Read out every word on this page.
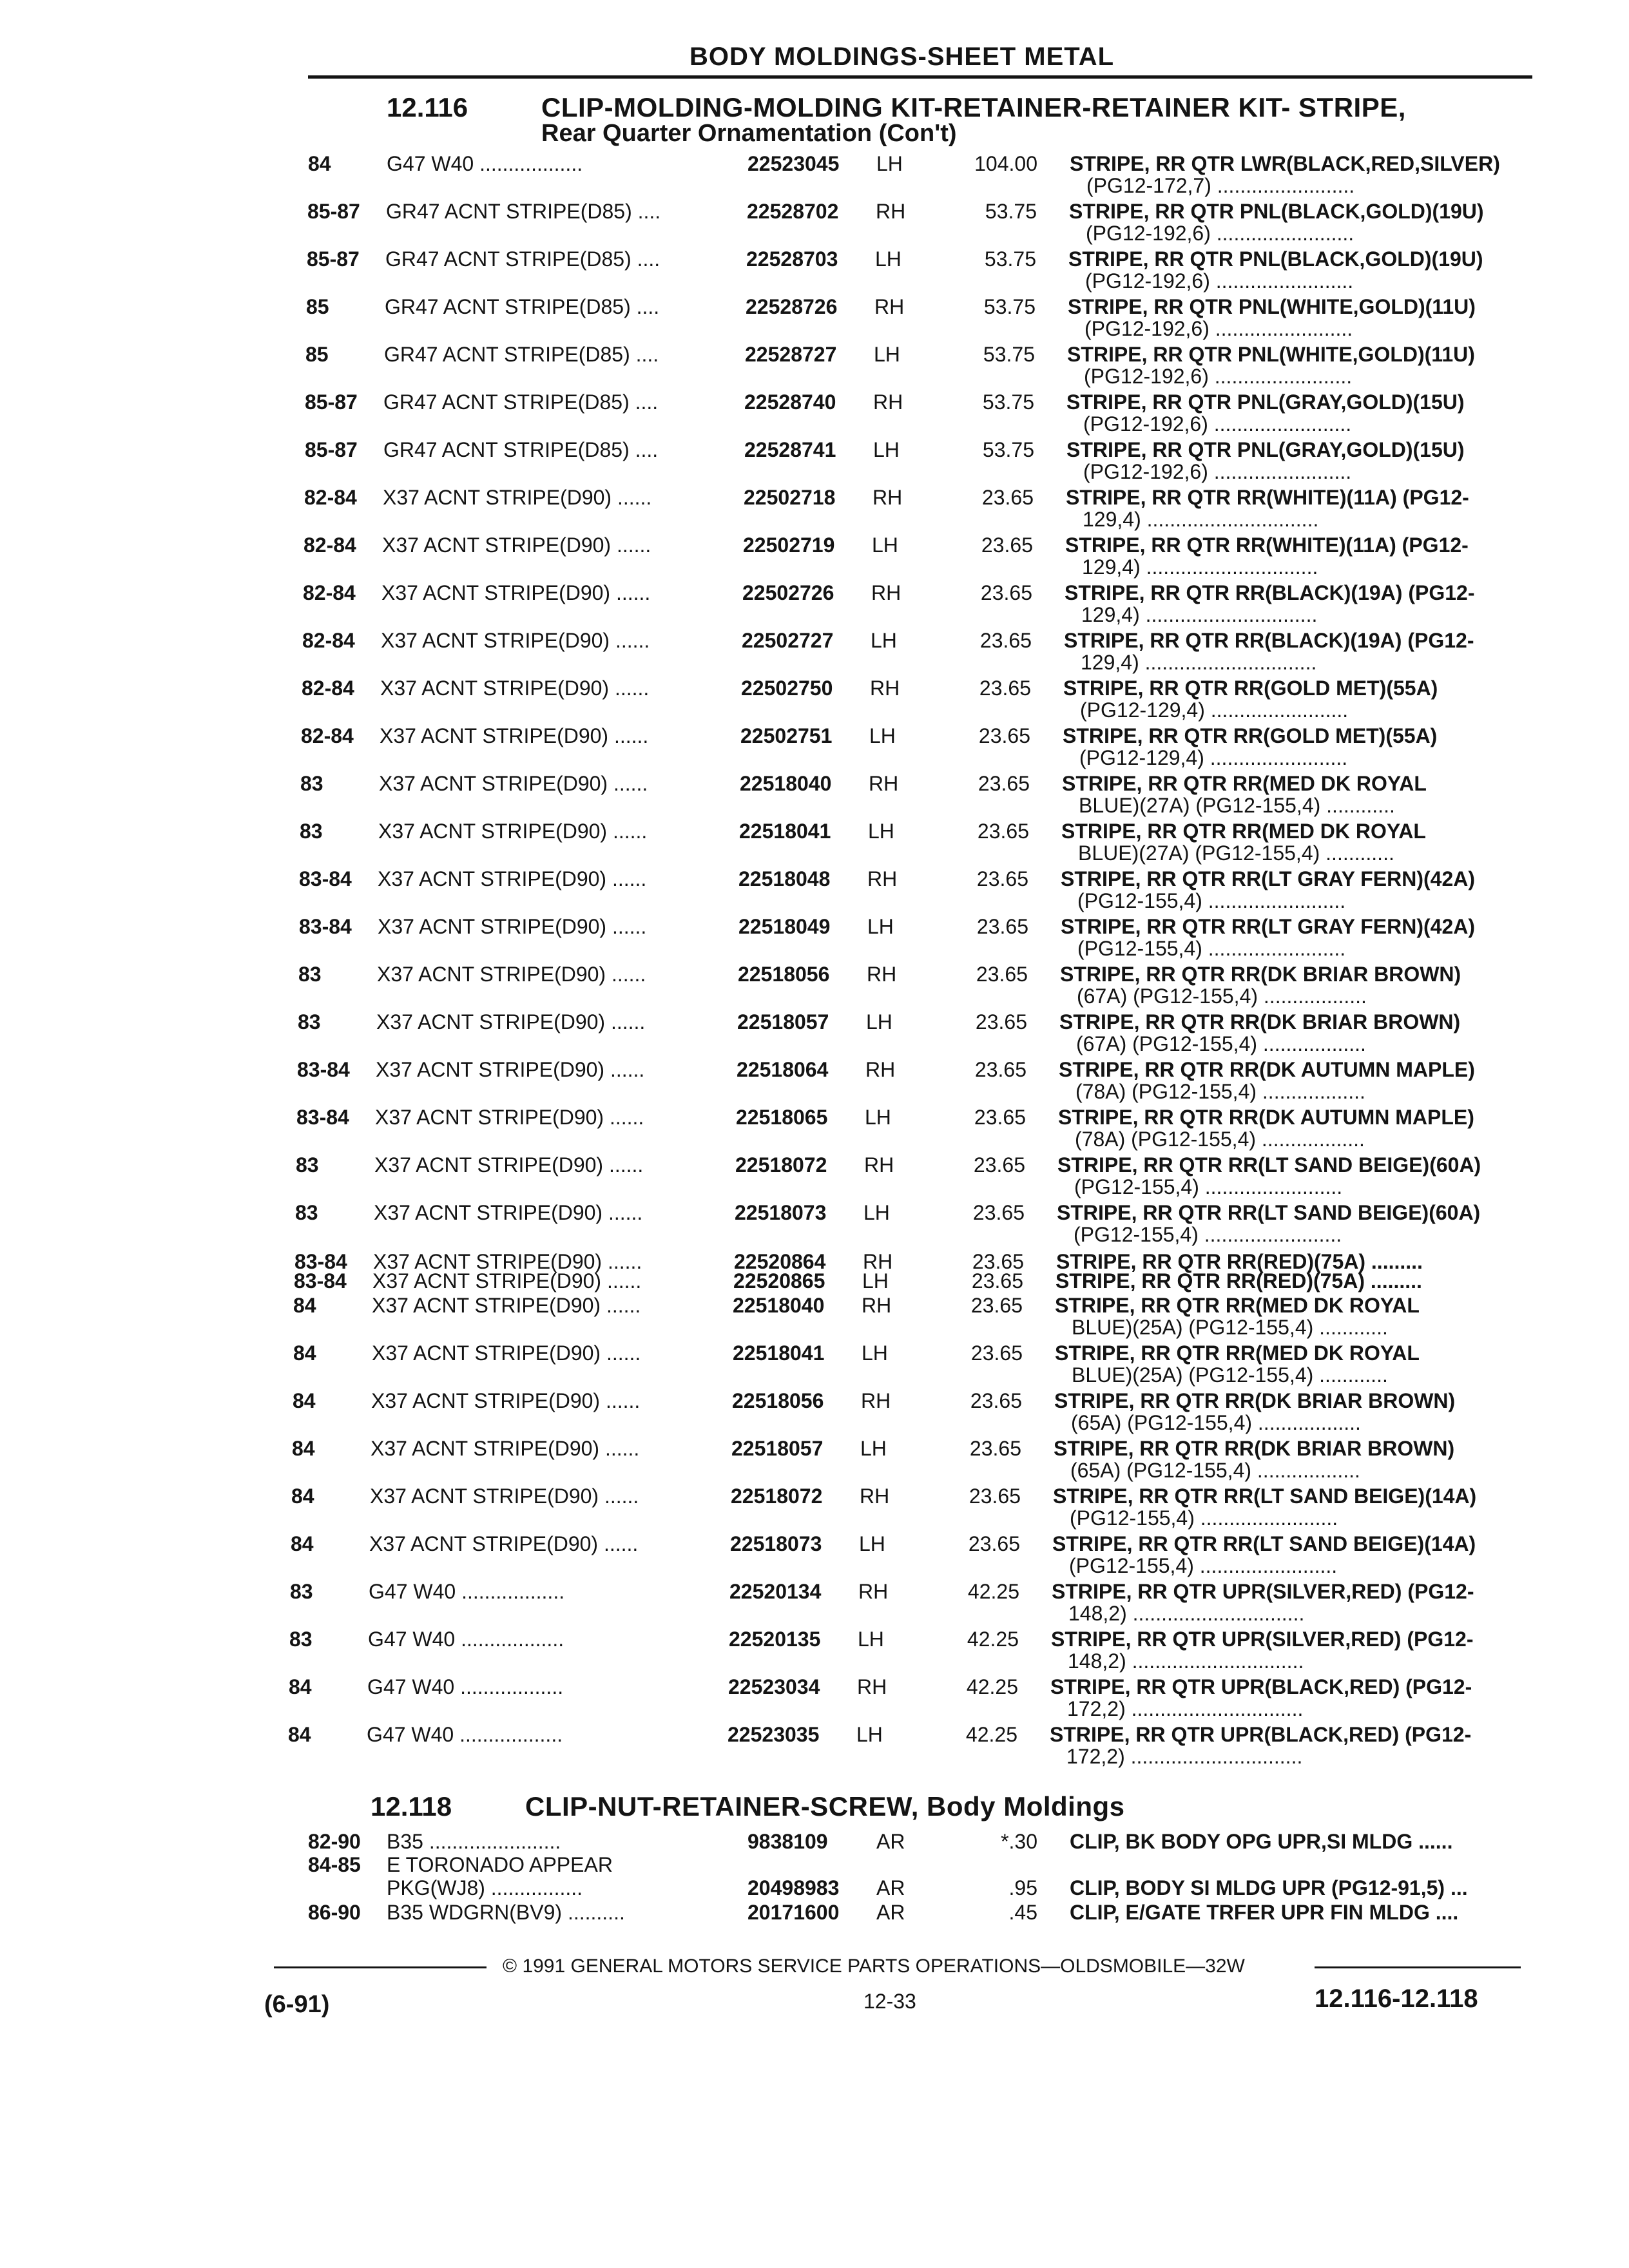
BODY MOLDINGS-SHEET METAL
12.116	CLIP-MOLDING-MOLDING KIT-RETAINER-RETAINER KIT- STRIPE,
Rear Quarter Ornamentation (Con't)
84	G47 W40 ..................	22523045 LH	104.00 STRIPE, RR QTR LWR(BLACK,RED,SILVER)
(PG12-172,7) ........................
85-87 GR47 ACNT STRIPE(D85) ....	22528702 RH	53.75 STRIPE, RR QTR PNL(BLACK,GOLD)(19U)
(PG12-192,6) ........................
85-87 GR47 ACNT STRIPE(D85) ....	22528703 LH	53.75 STRIPE, RR QTR PNL(BLACK,GOLD)(19U)
(PG12-192,6) ........................
85	GR47 ACNT STRIPE(D85) ....	22528726 RH	53.75 STRIPE, RR QTR PNL(WHITE,GOLD)(11U)
(PG12-192,6) ........................
85	GR47 ACNT STRIPE(D85) ....	22528727 LH	53.75 STRIPE, RR QTR PNL(WHITE,GOLD)(11U)
(PG12-192,6) ........................
85-87 GR47 ACNT STRIPE(D85) ....	22528740 RH	53.75 STRIPE, RR QTR PNL(GRAY,GOLD)(15U)
(PG12-192,6) ........................
85-87 GR47 ACNT STRIPE(D85) ....	22528741 LH	53.75 STRIPE, RR QTR PNL(GRAY,GOLD)(15U)
(PG12-192,6) ........................
82-84 X37 ACNT STRIPE(D90) ......	22502718 RH	23.65 STRIPE, RR QTR RR(WHITE)(11A) (PG12-
129,4) ..............................
82-84 X37 ACNT STRIPE(D90) ......	22502719 LH	23.65 STRIPE, RR QTR RR(WHITE)(11A) (PG12-
129,4) ..............................
82-84 X37 ACNT STRIPE(D90) ......	22502726 RH	23.65 STRIPE, RR QTR RR(BLACK)(19A) (PG12-
129,4) ..............................
82-84 X37 ACNT STRIPE(D90) ......	22502727 LH	23.65 STRIPE, RR QTR RR(BLACK)(19A) (PG12-
129,4) ..............................
82-84 X37 ACNT STRIPE(D90) ......	22502750 RH	23.65 STRIPE, RR QTR RR(GOLD MET)(55A)
(PG12-129,4) ........................
82-84 X37 ACNT STRIPE(D90) ......	22502751 LH	23.65 STRIPE, RR QTR RR(GOLD MET)(55A)
(PG12-129,4) ........................
83	X37 ACNT STRIPE(D90) ......	22518040 RH	23.65 STRIPE, RR QTR RR(MED DK ROYAL
BLUE)(27A) (PG12-155,4) ............
83	X37 ACNT STRIPE(D90) ......	22518041 LH	23.65 STRIPE, RR QTR RR(MED DK ROYAL
BLUE)(27A) (PG12-155,4) ............
83-84 X37 ACNT STRIPE(D90) ......	22518048 RH	23.65 STRIPE, RR QTR RR(LT GRAY FERN)(42A)
(PG12-155,4) ........................
83-84 X37 ACNT STRIPE(D90) ......	22518049 LH	23.65 STRIPE, RR QTR RR(LT GRAY FERN)(42A)
(PG12-155,4) ........................
83	X37 ACNT STRIPE(D90) ......	22518056 RH	23.65 STRIPE, RR QTR RR(DK BRIAR BROWN)
(67A) (PG12-155,4) ..................
83	X37 ACNT STRIPE(D90) ......	22518057 LH	23.65 STRIPE, RR QTR RR(DK BRIAR BROWN)
(67A) (PG12-155,4) ..................
83-84 X37 ACNT STRIPE(D90) ......	22518064 RH	23.65 STRIPE, RR QTR RR(DK AUTUMN MAPLE)
(78A) (PG12-155,4) ..................
83-84 X37 ACNT STRIPE(D90) ......	22518065 LH	23.65 STRIPE, RR QTR RR(DK AUTUMN MAPLE)
(78A) (PG12-155,4) ..................
83	X37 ACNT STRIPE(D90) ......	22518072 RH	23.65 STRIPE, RR QTR RR(LT SAND BEIGE)(60A)
(PG12-155,4) ........................
83	X37 ACNT STRIPE(D90) ......	22518073 LH	23.65 STRIPE, RR QTR RR(LT SAND BEIGE)(60A)
(PG12-155,4) ........................
83-84 X37 ACNT STRIPE(D90) ......	22520864 RH	23.65 STRIPE, RR QTR RR(RED)(75A) .........
83-84 X37 ACNT STRIPE(D90) ......	22520865 LH	23.65 STRIPE, RR QTR RR(RED)(75A) .........
84	X37 ACNT STRIPE(D90) ......	22518040 RH	23.65 STRIPE, RR QTR RR(MED DK ROYAL
BLUE)(25A) (PG12-155,4) ............
84	X37 ACNT STRIPE(D90) ......	22518041 LH	23.65 STRIPE, RR QTR RR(MED DK ROYAL
BLUE)(25A) (PG12-155,4) ............
84	X37 ACNT STRIPE(D90) ......	22518056 RH	23.65 STRIPE, RR QTR RR(DK BRIAR BROWN)
(65A) (PG12-155,4) ..................
84	X37 ACNT STRIPE(D90) ......	22518057 LH	23.65 STRIPE, RR QTR RR(DK BRIAR BROWN)
(65A) (PG12-155,4) ..................
84	X37 ACNT STRIPE(D90) ......	22518072 RH	23.65 STRIPE, RR QTR RR(LT SAND BEIGE)(14A)
(PG12-155,4) ........................
84	X37 ACNT STRIPE(D90) ......	22518073 LH	23.65 STRIPE, RR QTR RR(LT SAND BEIGE)(14A)
(PG12-155,4) ........................
83	G47 W40 ..................	22520134 RH	42.25 STRIPE, RR QTR UPR(SILVER,RED) (PG12-
148,2) ..............................
83	G47 W40 ..................	22520135 LH	42.25 STRIPE, RR QTR UPR(SILVER,RED) (PG12-
148,2) ..............................
84	G47 W40 ..................	22523034 RH	42.25 STRIPE, RR QTR UPR(BLACK,RED) (PG12-
172,2) ..............................
84	G47 W40 ..................	22523035 LH	42.25 STRIPE, RR QTR UPR(BLACK,RED) (PG12-
172,2) ..............................
12.118	CLIP-NUT-RETAINER-SCREW, Body Moldings
82-90 B35 .......................	9838109 AR	*.30 CLIP, BK BODY OPG UPR,SI MLDG ......
84-85 E TORONADO APPEAR
PKG(WJ8) ................	20498983 AR	.95 CLIP, BODY SI MLDG UPR (PG12-91,5) ...
86-90 B35 WDGRN(BV9) ..........	20171600 AR	.45 CLIP, E/GATE TRFER UPR FIN MLDG ....
© 1991 GENERAL MOTORS SERVICE PARTS OPERATIONS—OLDSMOBILE—32W
(6-91)	12-33	12.116-12.118
